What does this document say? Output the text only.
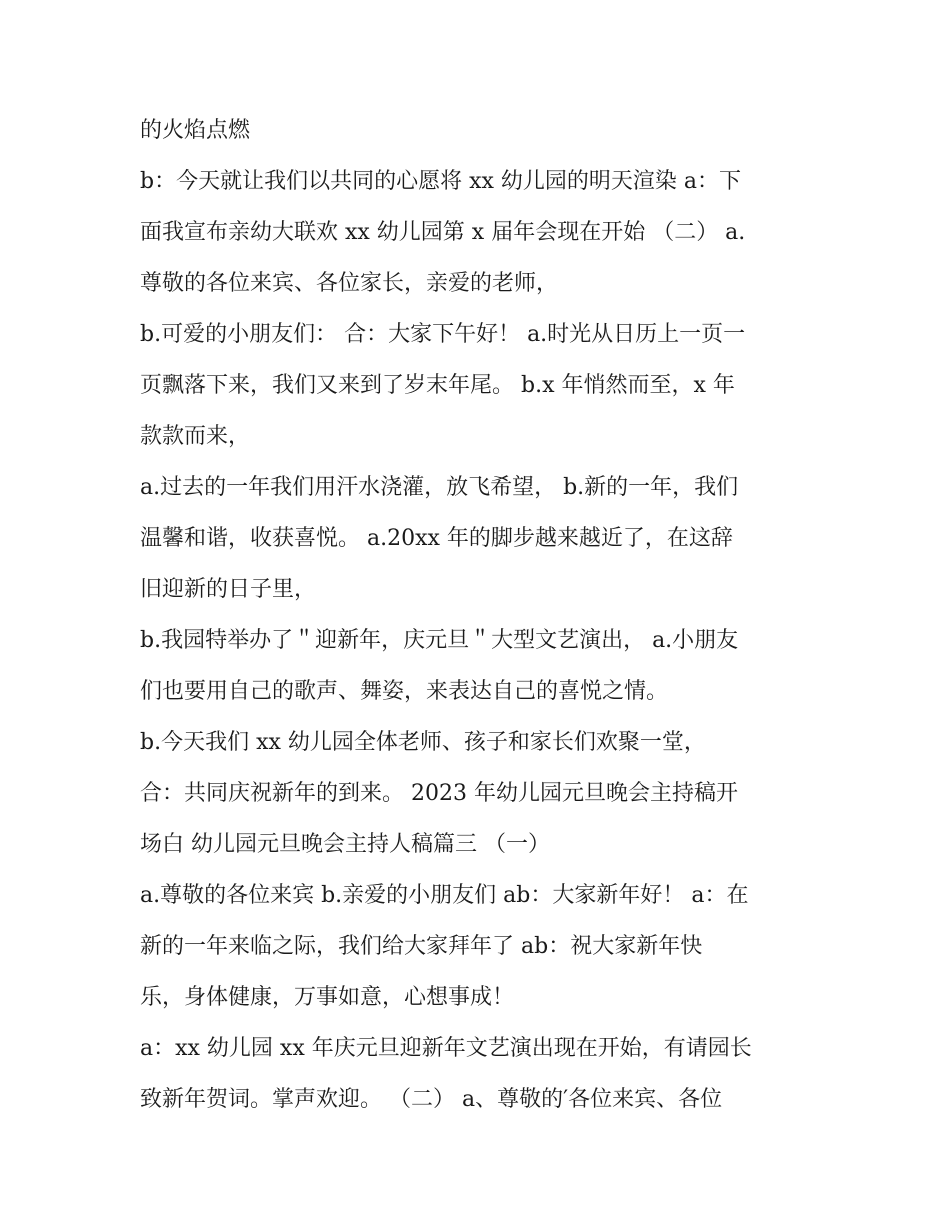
的火焰点燃
b：今天就让我们以共同的心愿将 xx 幼儿园的明天渲染 a：下
面我宣布亲幼大联欢 xx 幼儿园第 x 届年会现在开始 （二） a.
尊敬的各位来宾、各位家长，亲爱的老师，
b.可爱的小朋友们： 合：大家下午好！ a.时光从日历上一页一
页飘落下来，我们又来到了岁末年尾。 b.x 年悄然而至，x 年
款款而来，
a.过去的一年我们用汗水浇灌，放飞希望， b.新的一年，我们
温馨和谐，收获喜悦。 a.20xx 年的脚步越来越近了，在这辞
旧迎新的日子里，
b.我园特举办了＂迎新年，庆元旦＂大型文艺演出， a.小朋友
们也要用自己的歌声、舞姿，来表达自己的喜悦之情。
b.今天我们 xx 幼儿园全体老师、孩子和家长们欢聚一堂，
合：共同庆祝新年的到来。 2023 年幼儿园元旦晚会主持稿开
场白 幼儿园元旦晚会主持人稿篇三 （一）
a.尊敬的各位来宾 b.亲爱的小朋友们 ab：大家新年好！ a：在
新的一年来临之际，我们给大家拜年了 ab：祝大家新年快
乐，身体健康，万事如意，心想事成！
a：xx 幼儿园 xx 年庆元旦迎新年文艺演出现在开始，有请园长
致新年贺词。掌声欢迎。 （二） a、尊敬的′各位来宾、各位
